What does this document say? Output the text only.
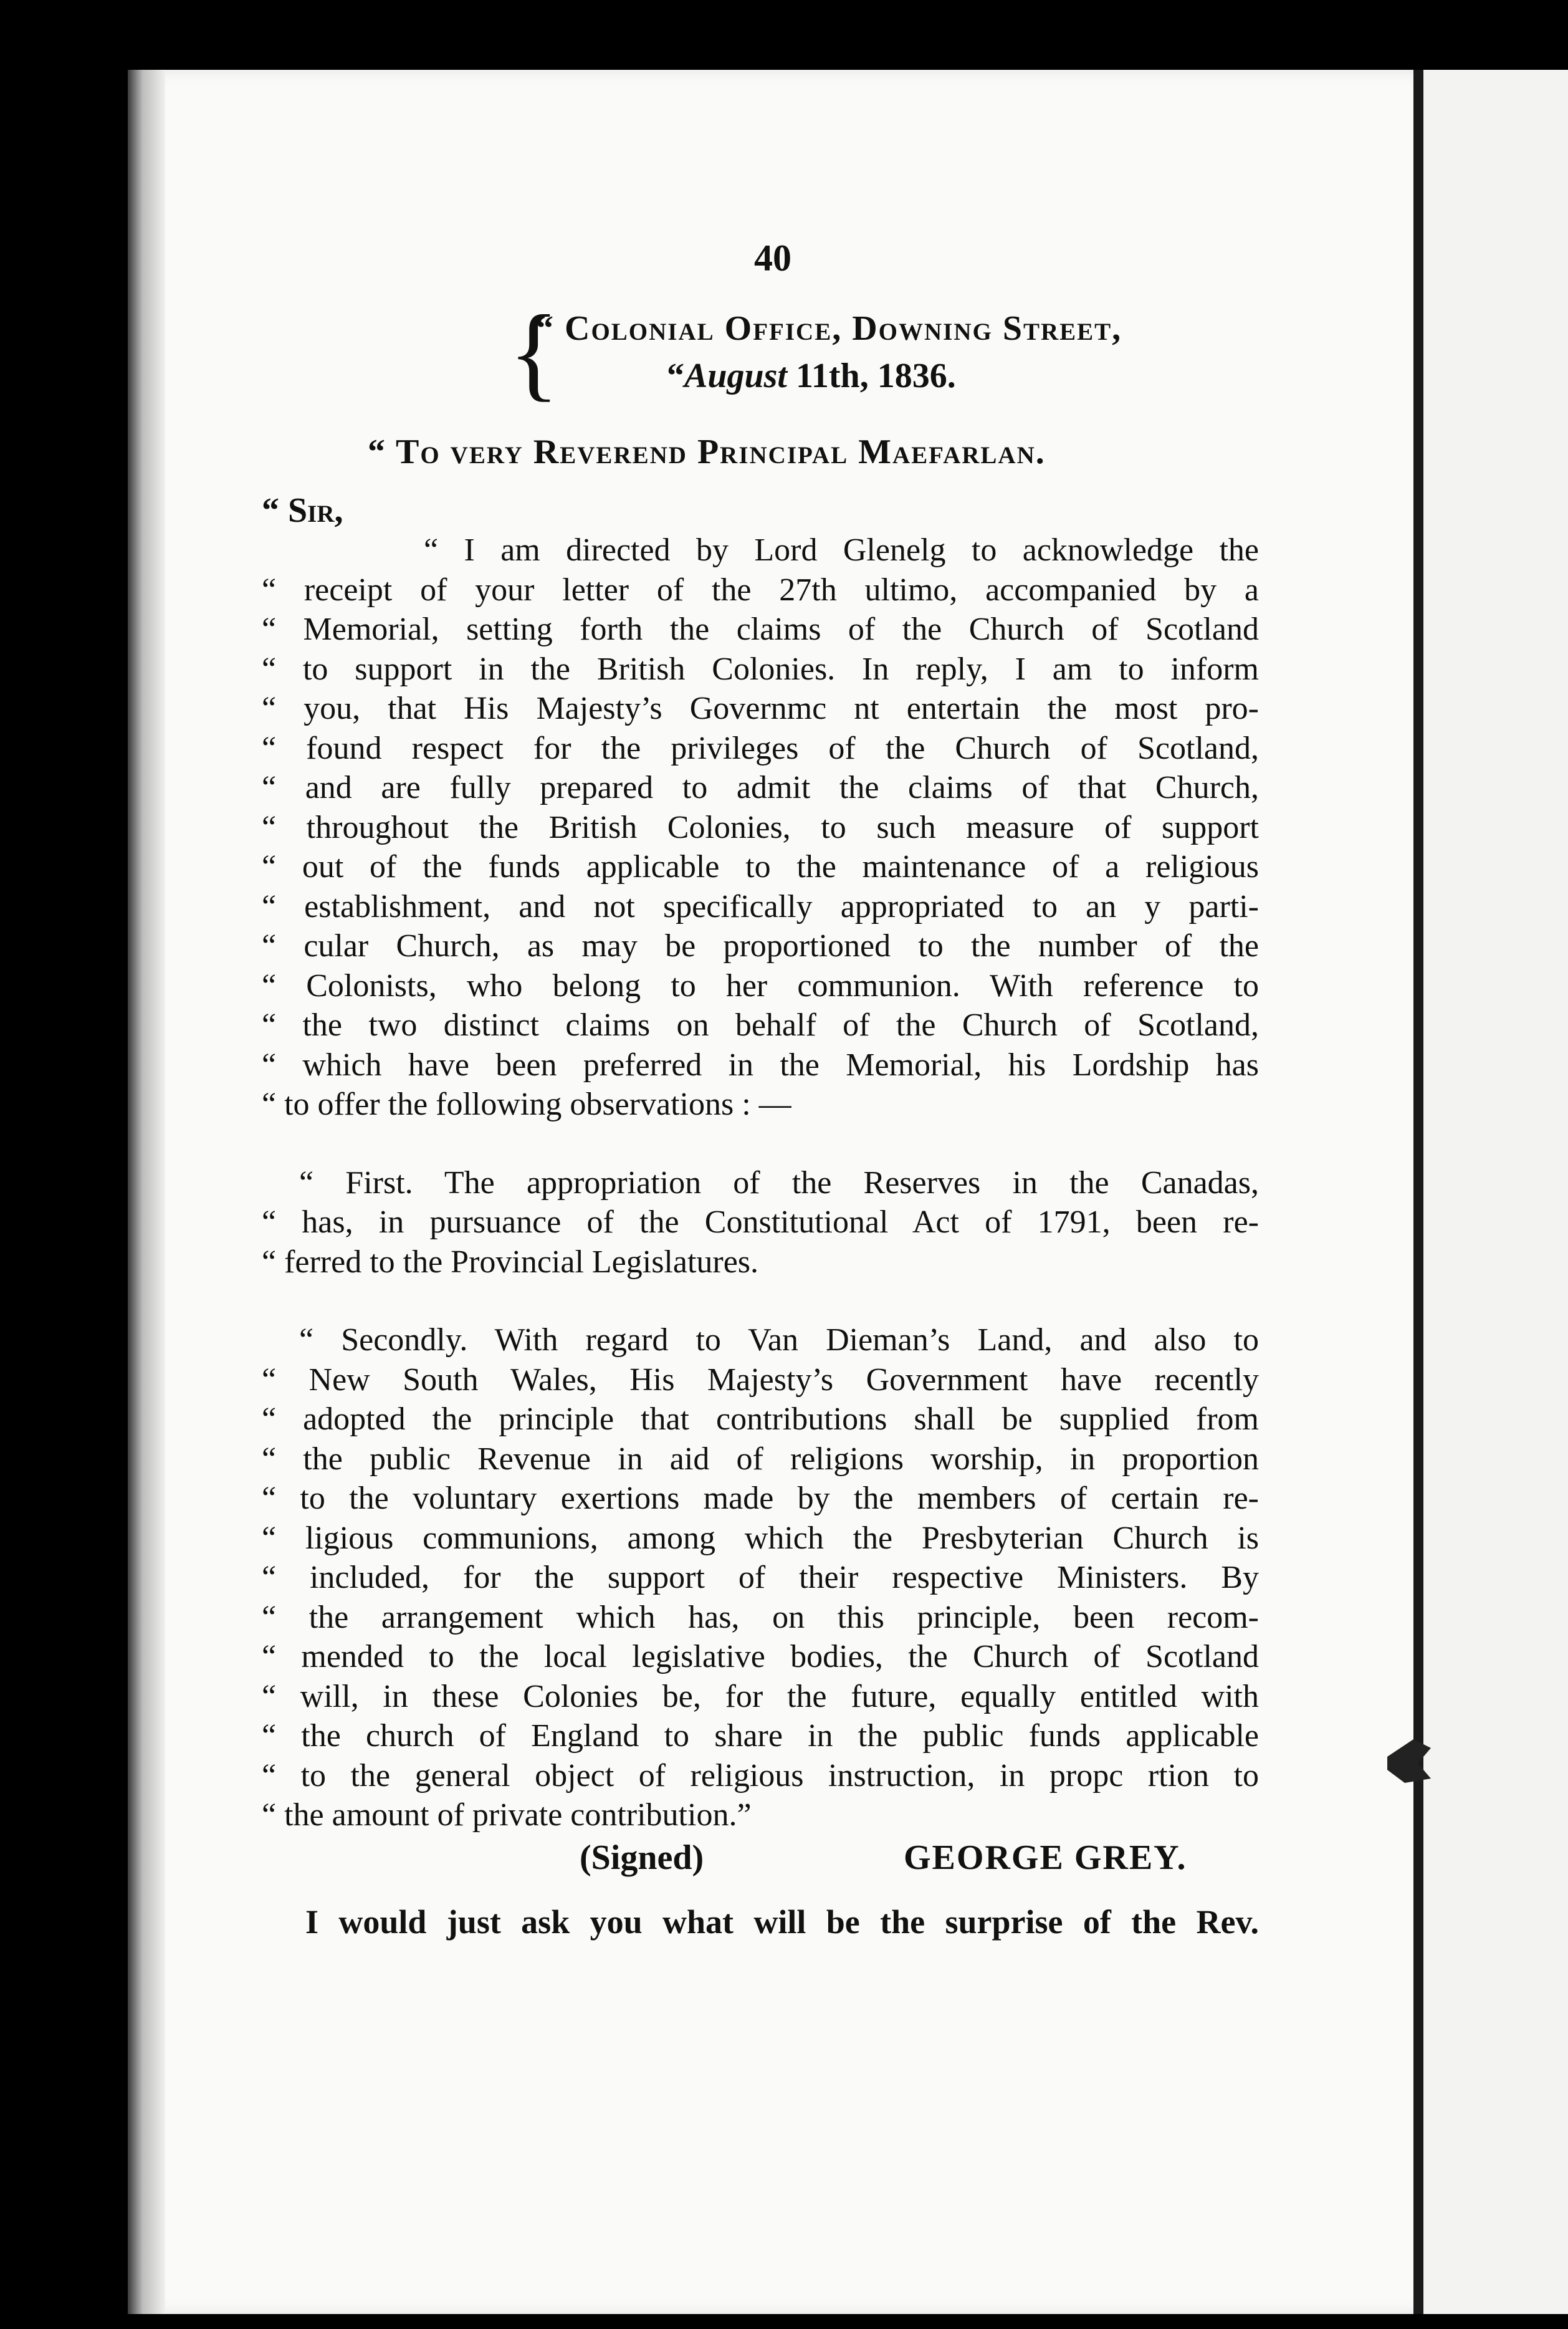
40
{
“ Colonial Office, Downing Street,
“August 11th, 1836.
“ To very Reverend Principal Maefarlan.
“ Sir,
“ I am directed by Lord Glenelg to acknowledge the
“ receipt of your letter of the 27th ultimo, accompanied by a
“ Memorial, setting forth the claims of the Church of Scotland
“ to support in the British Colonies. In reply, I am to inform
“ you, that His Majesty’s Governmc nt entertain the most pro-
“ found respect for the privileges of the Church of Scotland,
“ and are fully prepared to admit the claims of that Church,
“ throughout the British Colonies, to such measure of support
“ out of the funds applicable to the maintenance of a religious
“ establishment, and not specifically appropriated to an y parti-
“ cular Church, as may be proportioned to the number of the
“ Colonists, who belong to her communion. With reference to
“ the two distinct claims on behalf of the Church of Scotland,
“ which have been preferred in the Memorial, his Lordship has
“ to offer the following observations : —
“ First. The appropriation of the Reserves in the Canadas,
“ has, in pursuance of the Constitutional Act of 1791, been re-
“ ferred to the Provincial Legislatures.
“ Secondly. With regard to Van Dieman’s Land, and also to
“ New South Wales, His Majesty’s Government have recently
“ adopted the principle that contributions shall be supplied from
“ the public Revenue in aid of religions worship, in proportion
“ to the voluntary exertions made by the members of certain re-
“ ligious communions, among which the Presbyterian Church is
“ included, for the support of their respective Ministers. By
“ the arrangement which has, on this principle, been recom-
“ mended to the local legislative bodies, the Church of Scotland
“ will, in these Colonies be, for the future, equally entitled with
“ the church of England to share in the public funds applicable
“ to the general object of religious instruction, in propc rtion to
“ the amount of private contribution.”
(Signed)	GEORGE GREY.
I would just ask you what will be the surprise of the Rev.
